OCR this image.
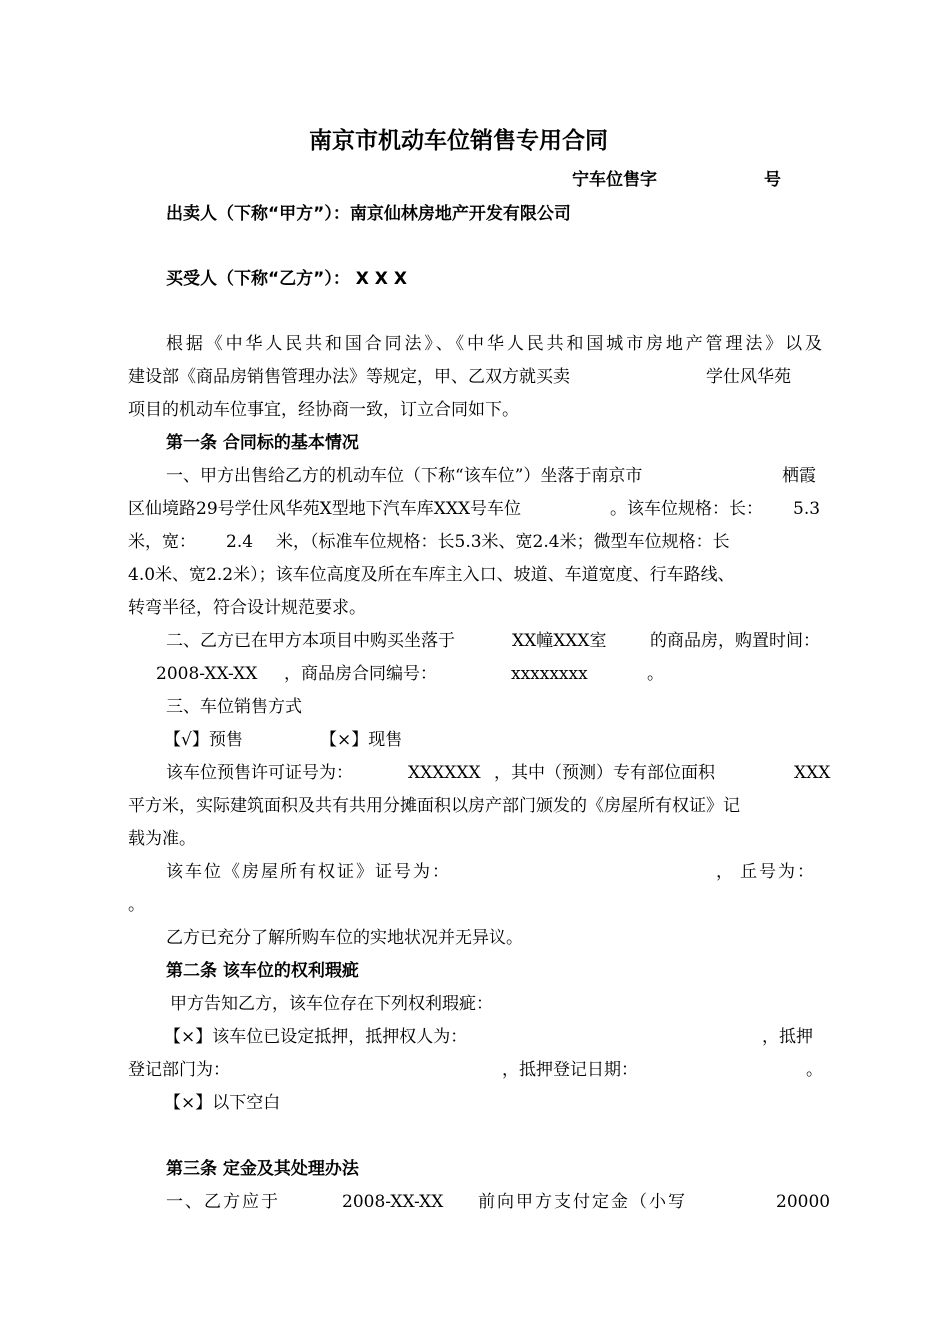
南京市机动车位销售专用合同
宁车位售字	号
出卖人（下称“甲方”）：南京仙林房地产开发有限公司
买受人（下称“乙方”）： X X X
根据《中华人民共和国合同法》、《中华人民共和国城市房地产管理法》以及
建设部《商品房销售管理办法》等规定，甲、乙双方就买卖	学仕风华苑
项目的机动车位事宜，经协商一致，订立合同如下。
第一条 合同标的基本情况
一、甲方出售给乙方的机动车位（下称“该车位”）坐落于南京市	栖霞
区仙境路29号学仕风华苑X型地下汽车库XXX号车位	。该车位规格：长： 5.3
米，宽： 2.4 米，（标准车位规格：长5.3米、宽2.4米；微型车位规格：长
4.0米、宽2.2米）；该车位高度及所在车库主入口、坡道、车道宽度、行车路线、
转弯半径，符合设计规范要求。
二、乙方已在甲方本项目中购买坐落于	XX幢XXX室	的商品房，购置时间：
2008-XX-XX ，商品房合同编号：	xxxxxxxx	。
三、车位销售方式
【√】预售	【×】现售
该车位预售许可证号为：	XXXXXX ，其中（预测）专有部位面积	XXX
平方米，实际建筑面积及共有共用分摊面积以房产部门颁发的《房屋所有权证》记
载为准。
该车位《房屋所有权证》证号为：	， 丘号为：
。
乙方已充分了解所购车位的实地状况并无异议。
第二条 该车位的权利瑕疵
甲方告知乙方，该车位存在下列权利瑕疵：
【×】该车位已设定抵押，抵押权人为：	，抵押
登记部门为：	，抵押登记日期：	。
【×】以下空白
第三条 定金及其处理办法
一、乙方应于	2008-XX-XX 前向甲方支付定金（小写	20000
